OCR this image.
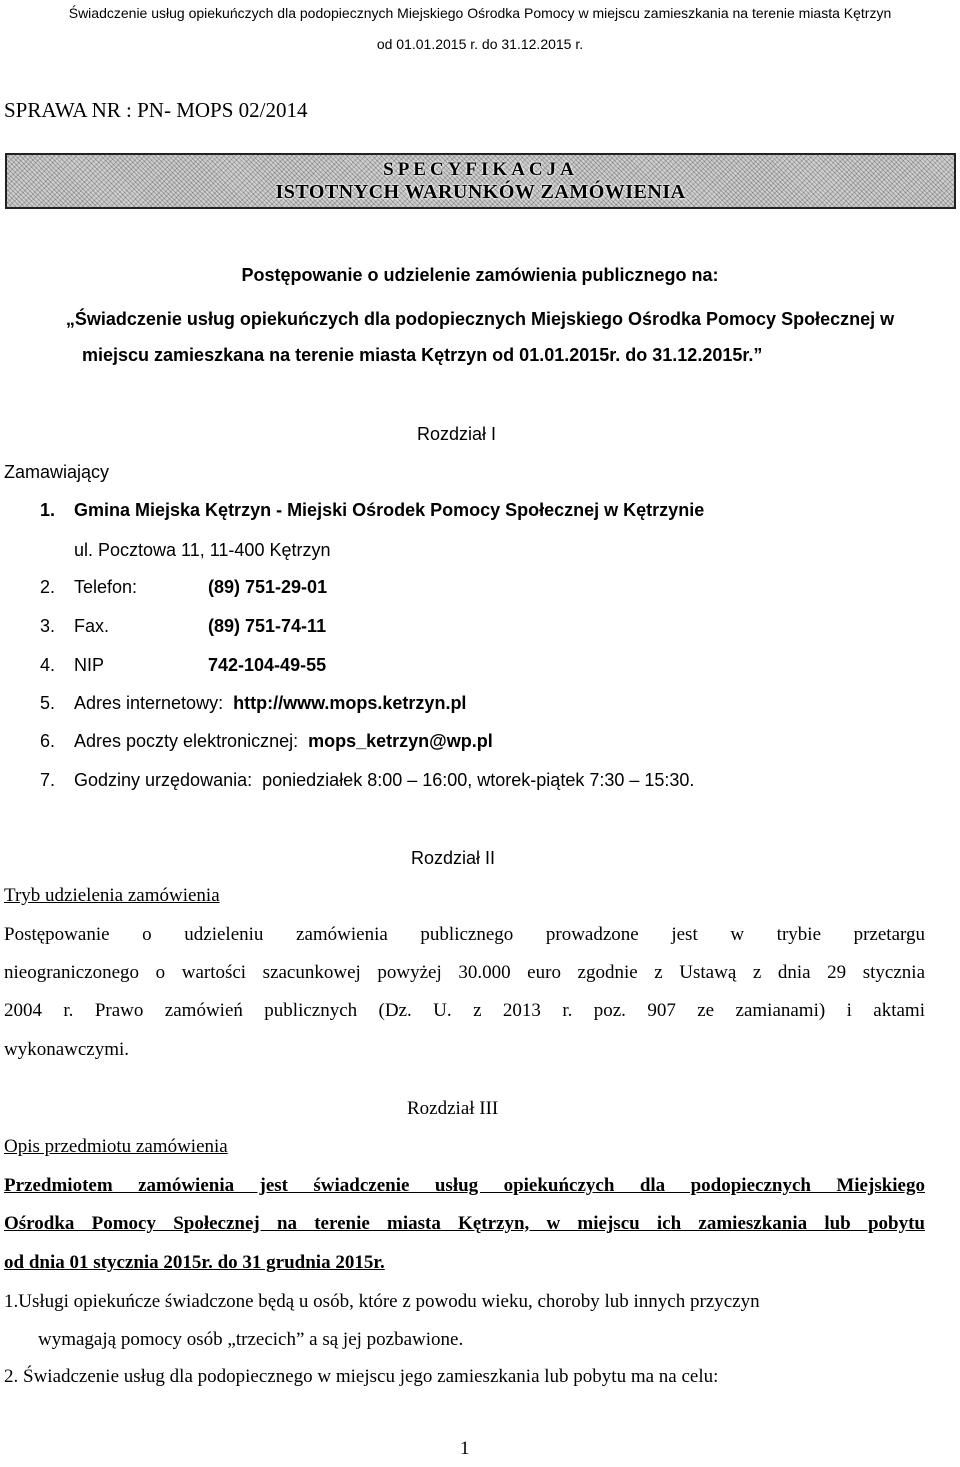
Świadczenie usług opiekuńczych dla podopiecznych Miejskiego Ośrodka Pomocy w miejscu zamieszkania na terenie miasta Kętrzyn
od 01.01.2015 r. do 31.12.2015 r.
SPRAWA NR : PN- MOPS 02/2014
SPECYFIKACJA
ISTOTNYCH WARUNKÓW ZAMÓWIENIA
Postępowanie o udzielenie zamówienia publicznego na:
„Świadczenie usług opiekuńczych dla podopiecznych Miejskiego Ośrodka Pomocy Społecznej w
miejscu zamieszkana na terenie miasta Kętrzyn od 01.01.2015r. do 31.12.2015r.”
Rozdział I
Zamawiający
1. Gmina Miejska Kętrzyn - Miejski Ośrodek Pomocy Społecznej w Kętrzynie
ul. Pocztowa 11, 11-400 Kętrzyn
2. Telefon:	(89) 751-29-01
3. Fax.	(89) 751-74-11
4. NIP	742-104-49-55
5. Adres internetowy: http://www.mops.ketrzyn.pl
6. Adres poczty elektronicznej: mops_ketrzyn@wp.pl
7. Godziny urzędowania: poniedziałek 8:00 – 16:00, wtorek-piątek 7:30 – 15:30.
Rozdział II
Tryb udzielenia zamówienia
Postępowanie o udzieleniu zamówienia publicznego prowadzone jest w trybie przetargu
nieograniczonego o wartości szacunkowej powyżej 30.000 euro zgodnie z Ustawą z dnia 29 stycznia
2004 r. Prawo zamówień publicznych (Dz. U. z 2013 r. poz. 907 ze zamianami) i aktami
wykonawczymi.
Rozdział III
Opis przedmiotu zamówienia
Przedmiotem zamówienia jest świadczenie usług opiekuńczych dla podopiecznych Miejskiego
Ośrodka Pomocy Społecznej na terenie miasta Kętrzyn, w miejscu ich zamieszkania lub pobytu
od dnia 01 stycznia 2015r. do 31 grudnia 2015r.
1.Usługi opiekuńcze świadczone będą u osób, które z powodu wieku, choroby lub innych przyczyn
wymagają pomocy osób „trzecich” a są jej pozbawione.
2. Świadczenie usług dla podopiecznego w miejscu jego zamieszkania lub pobytu ma na celu:
1
